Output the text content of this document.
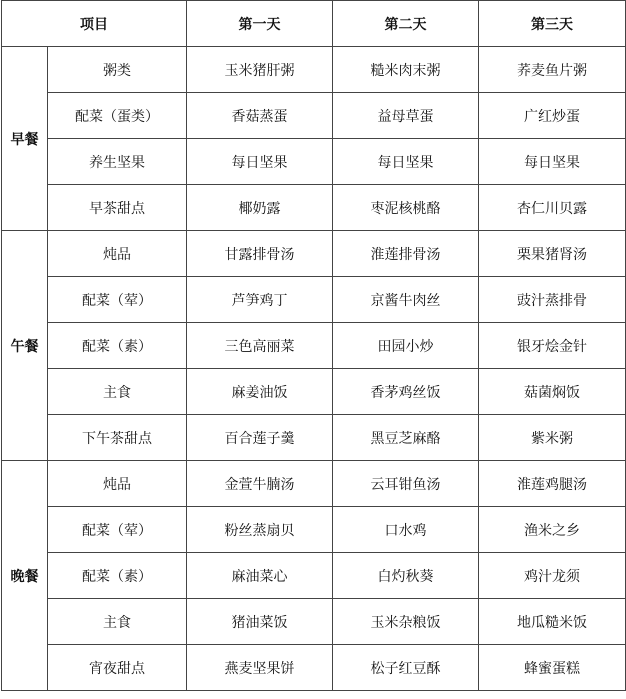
项目		第一天	第二天	第三天
早餐	粥类	玉米猪肝粥	糙米肉末粥	荞麦鱼片粥
	配菜（蛋类）	香菇蒸蛋	益母草蛋	广红炒蛋
	养生坚果	每日坚果	每日坚果	每日坚果
	早茶甜点	椰奶露	枣泥核桃酪	杏仁川贝露
午餐	炖品	甘露排骨汤	淮莲排骨汤	栗果猪肾汤
	配菜（荤）	芦笋鸡丁	京酱牛肉丝	豉汁蒸排骨
	配菜（素）	三色高丽菜	田园小炒	银牙烩金针
	主食	麻姜油饭	香茅鸡丝饭	菇菌焖饭
	下午茶甜点	百合莲子羹	黑豆芝麻酪	紫米粥
晚餐	炖品	金萱牛腩汤	云耳钳鱼汤	淮莲鸡腿汤
	配菜（荤）	粉丝蒸扇贝	口水鸡	渔米之乡
	配菜（素）	麻油菜心	白灼秋葵	鸡汁龙须
	主食	猪油菜饭	玉米杂粮饭	地瓜糙米饭
	宵夜甜点	燕麦坚果饼	松子红豆酥	蜂蜜蛋糕
